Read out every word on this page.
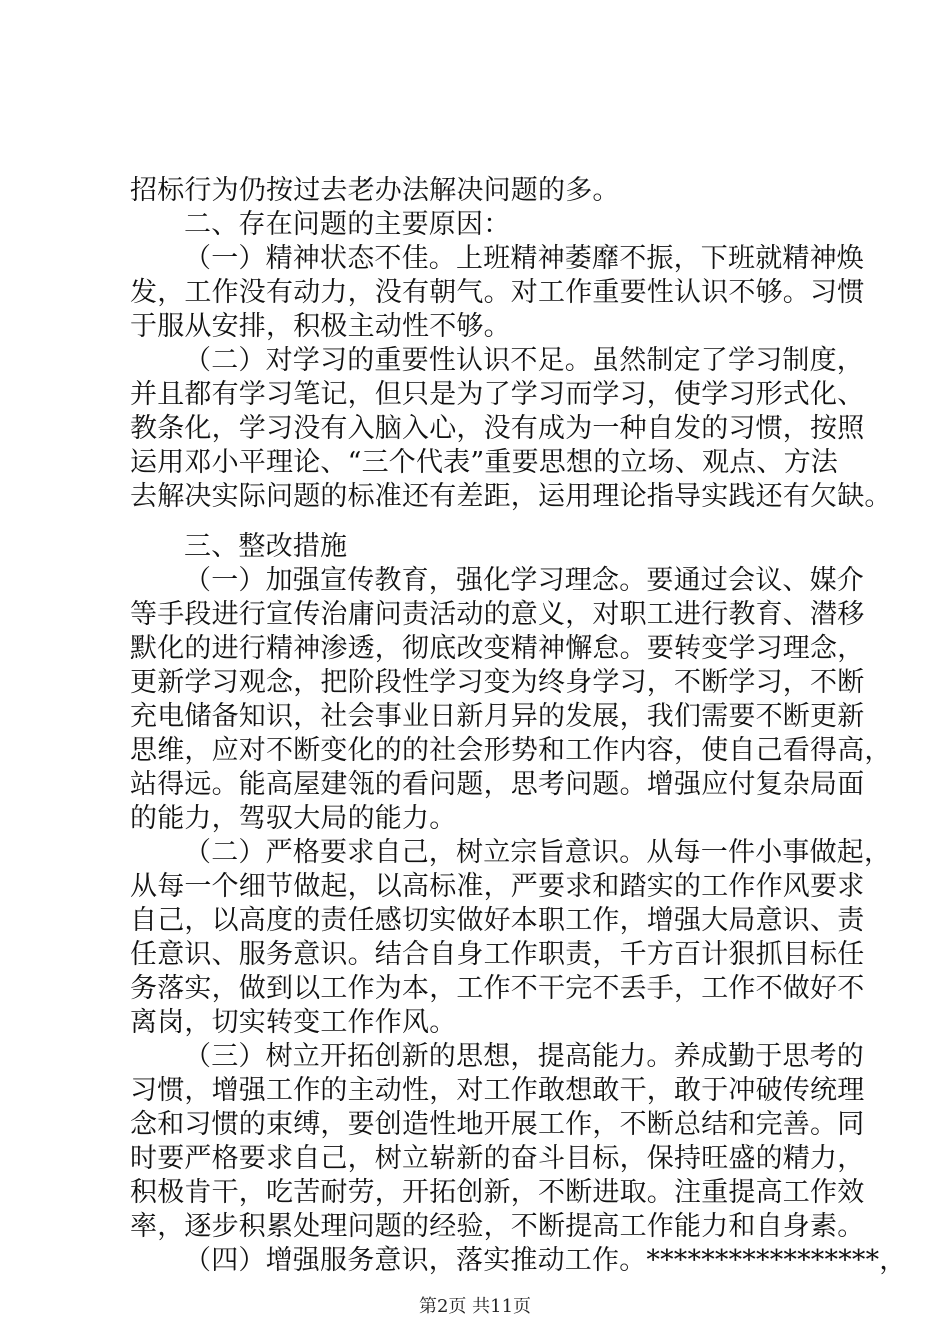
招标行为仍按过去老办法解决问题的多。
二、存在问题的主要原因：
（一）精神状态不佳。上班精神萎靡不振，下班就精神焕
发，工作没有动力，没有朝气。对工作重要性认识不够。习惯
于服从安排，积极主动性不够。
（二）对学习的重要性认识不足。虽然制定了学习制度，
并且都有学习笔记，但只是为了学习而学习，使学习形式化、
教条化，学习没有入脑入心，没有成为一种自发的习惯，按照
运用邓小平理论、“三个代表”重要思想的立场、观点、方法
去解决实际问题的标准还有差距，运用理论指导实践还有欠缺。
三、整改措施
（一）加强宣传教育，强化学习理念。要通过会议、媒介
等手段进行宣传治庸问责活动的意义，对职工进行教育、潜移
默化的进行精神渗透，彻底改变精神懈怠。要转变学习理念，
更新学习观念，把阶段性学习变为终身学习，不断学习，不断
充电储备知识，社会事业日新月异的发展，我们需要不断更新
思维，应对不断变化的的社会形势和工作内容，使自己看得高，
站得远。能高屋建瓴的看问题，思考问题。增强应付复杂局面
的能力，驾驭大局的能力。
（二）严格要求自己，树立宗旨意识。从每一件小事做起，
从每一个细节做起，以高标准，严要求和踏实的工作作风要求
自己，以高度的责任感切实做好本职工作，增强大局意识、责
任意识、服务意识。结合自身工作职责，千方百计狠抓目标任
务落实，做到以工作为本，工作不干完不丢手，工作不做好不
离岗，切实转变工作作风。
（三）树立开拓创新的思想，提高能力。养成勤于思考的
习惯，增强工作的主动性，对工作敢想敢干，敢于冲破传统理
念和习惯的束缚，要创造性地开展工作，不断总结和完善。同
时要严格要求自己，树立崭新的奋斗目标，保持旺盛的精力，
积极肯干，吃苦耐劳，开拓创新，不断进取。注重提高工作效
率，逐步积累处理问题的经验，不断提高工作能力和自身素。
（四）增强服务意识，落实推动工作。*****************，
第2页 共11页
